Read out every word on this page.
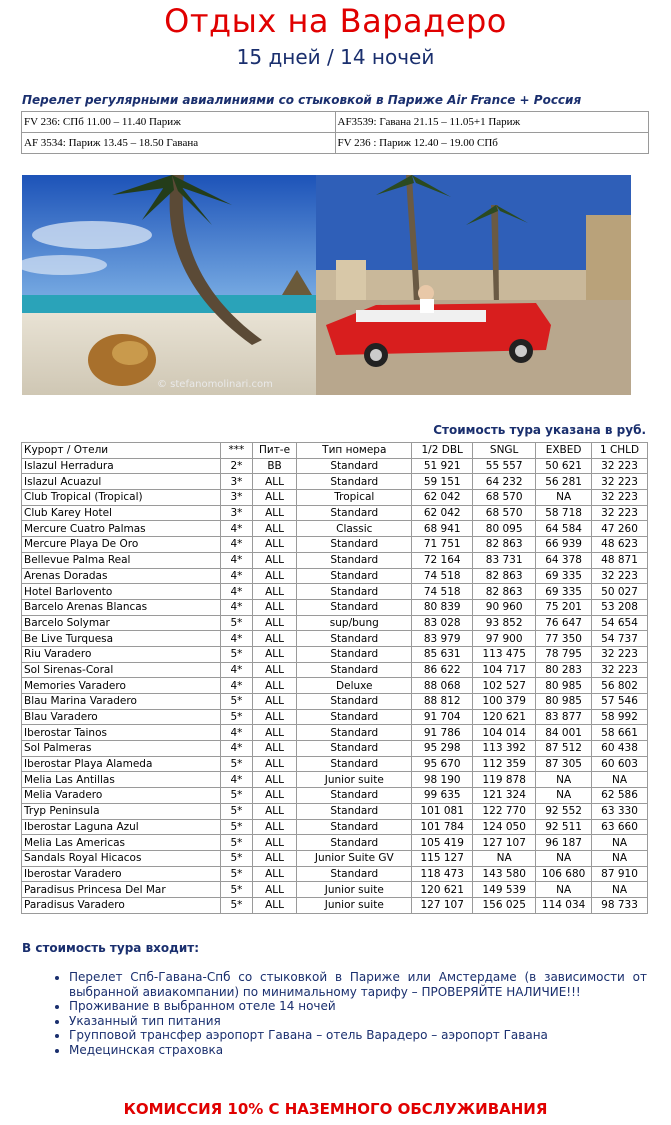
Отдых на Варадеро
15 дней / 14 ночей
Перелет регулярными авиалиниями со стыковкой в Париже Air France + Россия
FV 236: СПб 11.00 – 11.40 Париж	AF3539: Гавана 21.15 – 11.05+1 Париж
AF 3534: Париж 13.45 – 18.50 Гавана	FV 236 : Париж 12.40 – 19.00 СПб
© stefanomolinari.com
Стоимость тура указана в руб.
Курорт / Отели	***	Пит-е	Тип номера	1/2 DBL	SNGL	EXBED	1 CHLD
Islazul Herradura	2*	BB	Standard	51 921	55 557	50 621	32 223
Islazul Acuazul	3*	ALL	Standard	59 151	64 232	56 281	32 223
Club Tropical (Tropical)	3*	ALL	Tropical	62 042	68 570	NA	32 223
Club Karey Hotel	3*	ALL	Standard	62 042	68 570	58 718	32 223
Mercure Cuatro Palmas	4*	ALL	Classic	68 941	80 095	64 584	47 260
Mercure Playa De Oro	4*	ALL	Standard	71 751	82 863	66 939	48 623
Bellevue Palma Real	4*	ALL	Standard	72 164	83 731	64 378	48 871
Arenas Doradas	4*	ALL	Standard	74 518	82 863	69 335	32 223
Hotel Barlovento	4*	ALL	Standard	74 518	82 863	69 335	50 027
Barcelo Arenas Blancas	4*	ALL	Standard	80 839	90 960	75 201	53 208
Barcelo Solymar	5*	ALL	sup/bung	83 028	93 852	76 647	54 654
Be Live Turquesa	4*	ALL	Standard	83 979	97 900	77 350	54 737
Riu Varadero	5*	ALL	Standard	85 631	113 475	78 795	32 223
Sol Sirenas-Coral	4*	ALL	Standard	86 622	104 717	80 283	32 223
Memories Varadero	4*	ALL	Deluxe	88 068	102 527	80 985	56 802
Blau Marina Varadero	5*	ALL	Standard	88 812	100 379	80 985	57 546
Blau Varadero	5*	ALL	Standard	91 704	120 621	83 877	58 992
Iberostar Tainos	4*	ALL	Standard	91 786	104 014	84 001	58 661
Sol Palmeras	4*	ALL	Standard	95 298	113 392	87 512	60 438
Iberostar Playa Alameda	5*	ALL	Standard	95 670	112 359	87 305	60 603
Melia Las Antillas	4*	ALL	Junior suite	98 190	119 878	NA	NA
Melia Varadero	5*	ALL	Standard	99 635	121 324	NA	62 586
Tryp Peninsula	5*	ALL	Standard	101 081	122 770	92 552	63 330
Iberostar Laguna Azul	5*	ALL	Standard	101 784	124 050	92 511	63 660
Melia Las Americas	5*	ALL	Standard	105 419	127 107	96 187	NA
Sandals Royal Hicacos	5*	ALL	Junior Suite GV	115 127	NA	NA	NA
Iberostar Varadero	5*	ALL	Standard	118 473	143 580	106 680	87 910
Paradisus Princesa Del Mar	5*	ALL	Junior suite	120 621	149 539	NA	NA
Paradisus Varadero	5*	ALL	Junior suite	127 107	156 025	114 034	98 733
В стоимость тура входит:
• Перелет Спб-Гавана-Спб со стыковкой в Париже или Амстердаме (в зависимости от выбранной авиакомпании) по минимальному тарифу – ПРОВЕРЯЙТЕ НАЛИЧИЕ!!!
• Проживание в выбранном отеле 14 ночей
• Указанный тип питания
• Групповой трансфер аэропорт Гавана – отель Варадеро – аэропорт Гавана
• Медецинская страховка
КОМИССИЯ 10% С НАЗЕМНОГО ОБСЛУЖИВАНИЯ
